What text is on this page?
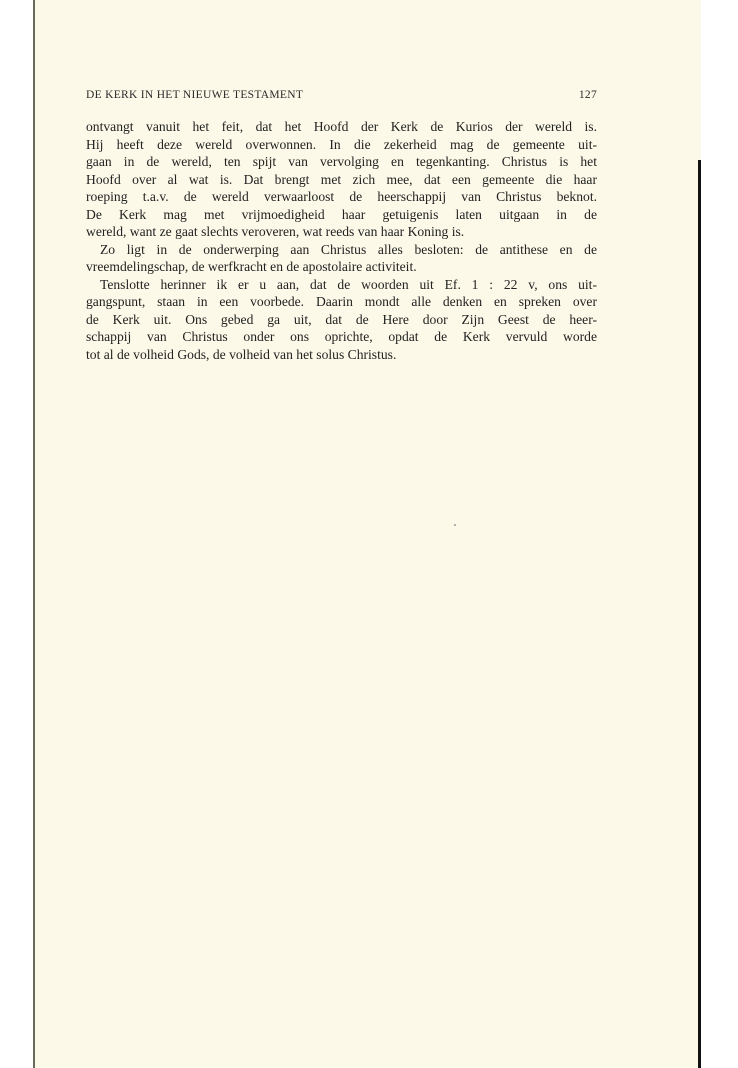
DE KERK IN HET NIEUWE TESTAMENT	127
ontvangt vanuit het feit, dat het Hoofd der Kerk de Kurios der wereld is.
Hij heeft deze wereld overwonnen. In die zekerheid mag de gemeente uit-
gaan in de wereld, ten spijt van vervolging en tegenkanting. Christus is het
Hoofd over al wat is. Dat brengt met zich mee, dat een gemeente die haar
roeping t.a.v. de wereld verwaarloost de heerschappij van Christus beknot.
De Kerk mag met vrijmoedigheid haar getuigenis laten uitgaan in de
wereld, want ze gaat slechts veroveren, wat reeds van haar Koning is.
Zo ligt in de onderwerping aan Christus alles besloten: de antithese en de
vreemdelingschap, de werfkracht en de apostolaire activiteit.
Tenslotte herinner ik er u aan, dat de woorden uit Ef. 1 : 22 v, ons uit-
gangspunt, staan in een voorbede. Daarin mondt alle denken en spreken over
de Kerk uit. Ons gebed ga uit, dat de Here door Zijn Geest de heer-
schappij van Christus onder ons oprichte, opdat de Kerk vervuld worde
tot al de volheid Gods, de volheid van het solus Christus.
